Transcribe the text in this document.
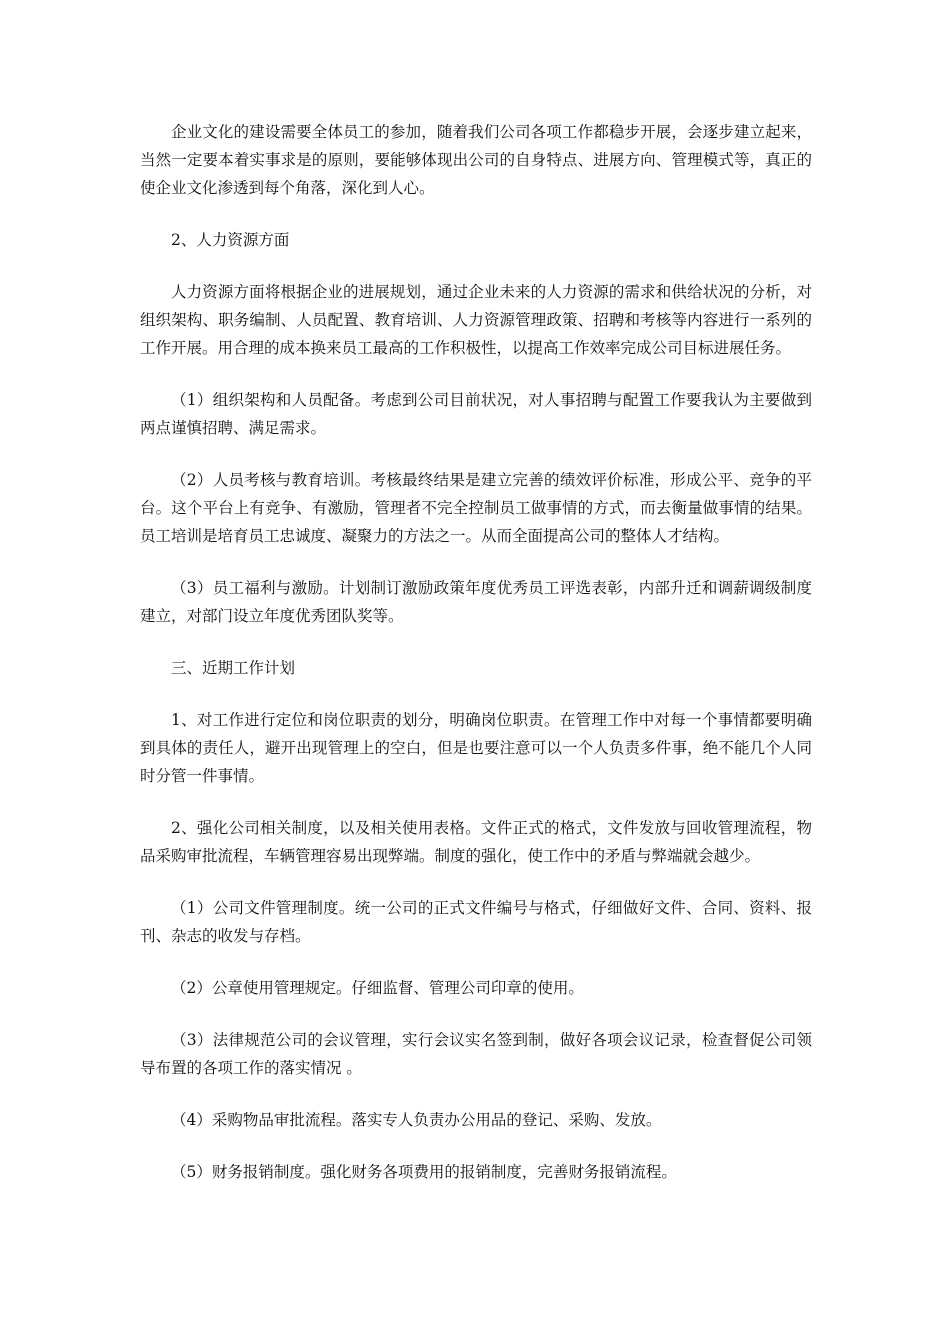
企业文化的建设需要全体员工的参加，随着我们公司各项工作都稳步开展，会逐步建立起来，当然一定要本着实事求是的原则，要能够体现出公司的自身特点、进展方向、管理模式等，真正的使企业文化渗透到每个角落，深化到人心。

2、人力资源方面

人力资源方面将根据企业的进展规划，通过企业未来的人力资源的需求和供给状况的分析，对组织架构、职务编制、人员配置、教育培训、人力资源管理政策、招聘和考核等内容进行一系列的工作开展。用合理的成本换来员工最高的工作积极性，以提高工作效率完成公司目标进展任务。

（1）组织架构和人员配备。考虑到公司目前状况，对人事招聘与配置工作要我认为主要做到两点谨慎招聘、满足需求。

（2）人员考核与教育培训。考核最终结果是建立完善的绩效评价标准，形成公平、竞争的平台。这个平台上有竞争、有激励，管理者不完全控制员工做事情的方式，而去衡量做事情的结果。员工培训是培育员工忠诚度、凝聚力的方法之一。从而全面提高公司的整体人才结构。

（3）员工福利与激励。计划制订激励政策年度优秀员工评选表彰，内部升迁和调薪调级制度建立，对部门设立年度优秀团队奖等。

三、近期工作计划

1、对工作进行定位和岗位职责的划分，明确岗位职责。在管理工作中对每一个事情都要明确到具体的责任人，避开出现管理上的空白，但是也要注意可以一个人负责多件事，绝不能几个人同时分管一件事情。

2、强化公司相关制度，以及相关使用表格。文件正式的格式，文件发放与回收管理流程，物品采购审批流程，车辆管理容易出现弊端。制度的强化，使工作中的矛盾与弊端就会越少。

（1）公司文件管理制度。统一公司的正式文件编号与格式，仔细做好文件、合同、资料、报刊、杂志的收发与存档。

（2）公章使用管理规定。仔细监督、管理公司印章的使用。

（3）法律规范公司的会议管理，实行会议实名签到制，做好各项会议记录，检查督促公司领导布置的各项工作的落实情况 。

（4）采购物品审批流程。落实专人负责办公用品的登记、采购、发放。

（5）财务报销制度。强化财务各项费用的报销制度，完善财务报销流程。
